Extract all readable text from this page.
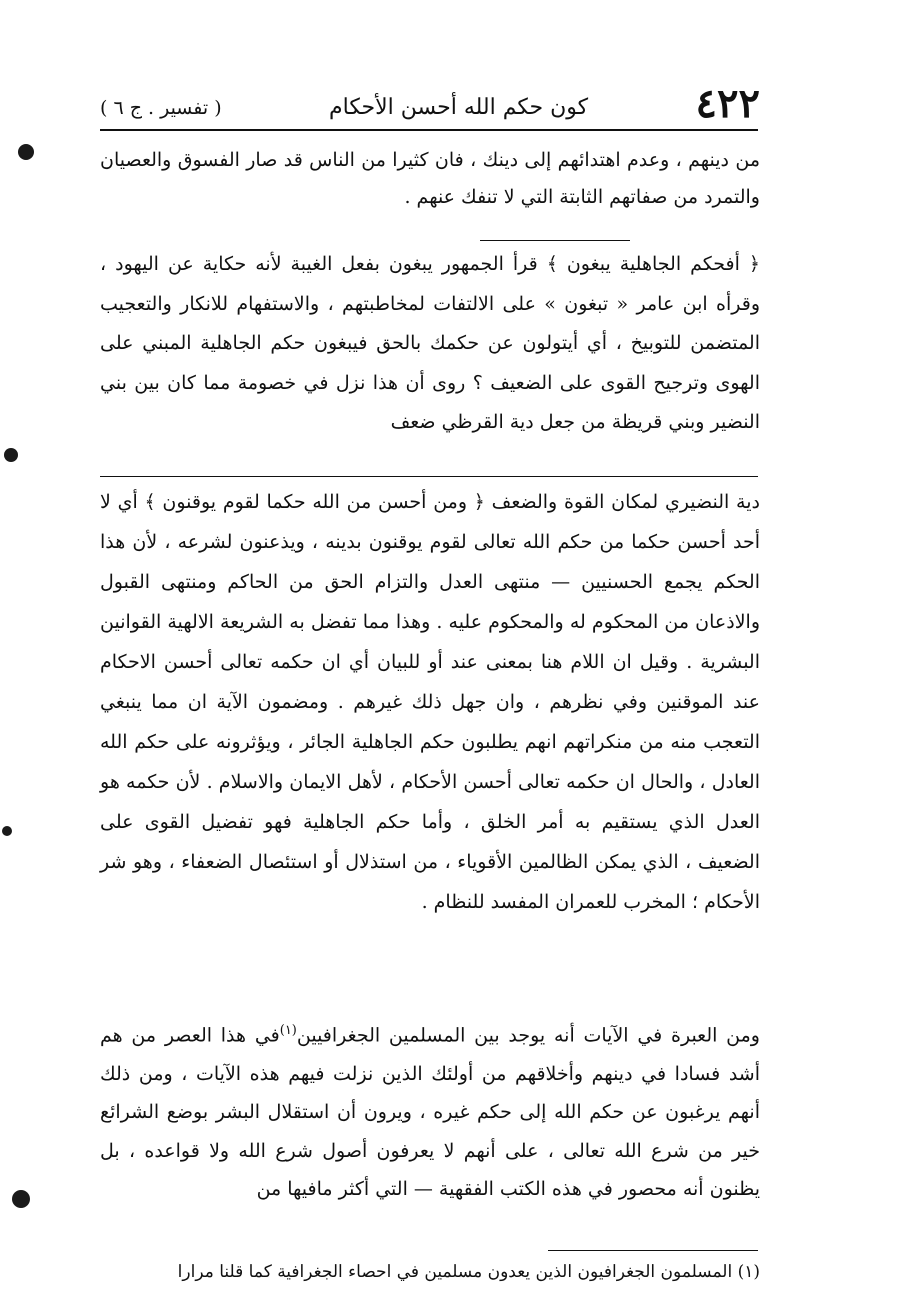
٤٢٢
كون حكم الله أحسن الأحكام
( تفسير . ج ٦ )
من دينهم ، وعدم اهتدائهم إلى دينك ، فان كثيرا من الناس قد صار الفسوق والعصيان والتمرد من صفاتهم الثابتة التي لا تنفك عنهم .
﴿ أفحكم الجاهلية يبغون ﴾ قرأ الجمهور يبغون بفعل الغيبة لأنه حكاية عن اليهود ، وقرأه ابن عامر « تبغون » على الالتفات لمخاطبتهم ، والاستفهام للانكار والتعجيب المتضمن للتوبيخ ، أي أيتولون عن حكمك بالحق فيبغون حكم الجاهلية المبني على الهوى وترجيح القوى على الضعيف ؟ روى أن هذا نزل في خصومة مما كان بين بني النضير وبني قريظة من جعل دية القرظي ضعف
دية النضيري لمكان القوة والضعف ﴿ ومن أحسن من الله حكما لقوم يوقنون ﴾ أي لا أحد أحسن حكما من حكم الله تعالى لقوم يوقنون بدينه ، ويذعنون لشرعه ، لأن هذا الحكم يجمع الحسنيين — منتهى العدل والتزام الحق من الحاكم ومنتهى القبول والاذعان من المحكوم له والمحكوم عليه . وهذا مما تفضل به الشريعة الالهية القوانين البشرية . وقيل ان اللام هنا بمعنى عند أو للبيان أي ان حكمه تعالى أحسن الاحكام عند الموقنين وفي نظرهم ، وان جهل ذلك غيرهم . ومضمون الآية ان مما ينبغي التعجب منه من منكراتهم انهم يطلبون حكم الجاهلية الجائر ، ويؤثرونه على حكم الله العادل ، والحال ان حكمه تعالى أحسن الأحكام ، لأهل الايمان والاسلام . لأن حكمه هو العدل الذي يستقيم به أمر الخلق ، وأما حكم الجاهلية فهو تفضيل القوى على الضعيف ، الذي يمكن الظالمين الأقوياء ، من استذلال أو استئصال الضعفاء ، وهو شر الأحكام ؛ المخرب للعمران المفسد للنظام .
ومن العبرة في الآيات أنه يوجد بين المسلمين الجغرافيين$^{(١)}$في هذا العصر من هم أشد فسادا في دينهم وأخلاقهم من أولئك الذين نزلت فيهم هذه الآيات ، ومن ذلك أنهم يرغبون عن حكم الله إلى حكم غيره ، ويرون أن استقلال البشر بوضع الشرائع خير من شرع الله تعالى ، على أنهم لا يعرفون أصول شرع الله ولا قواعده ، بل يظنون أنه محصور في هذه الكتب الفقهية — التي أكثر مافيها من
(١) المسلمون الجغرافيون الذين يعدون مسلمين في احصاء الجغرافية كما قلنا مرارا
